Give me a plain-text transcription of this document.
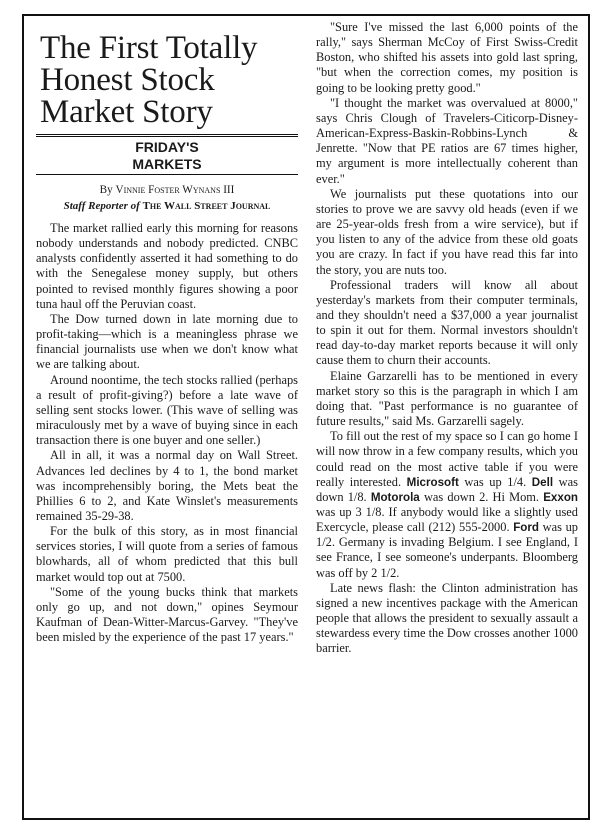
The First Totally Honest Stock Market Story
FRIDAY'S
MARKETS
By Vinnie Foster Wynans III
Staff Reporter of The Wall Street Journal

The market rallied early this morning for reasons nobody understands and nobody predicted. CNBC analysts confidently asserted it had something to do with the Senegalese money supply, but others pointed to revised monthly figures showing a poor tuna haul off the Peruvian coast.

The Dow turned down in late morning due to profit-taking—which is a meaningless phrase we financial journalists use when we don't know what we are talking about.

Around noontime, the tech stocks rallied (perhaps a result of profit-giving?) before a late wave of selling sent stocks lower. (This wave of selling was miraculously met by a wave of buying since in each transaction there is one buyer and one seller.)

All in all, it was a normal day on Wall Street. Advances led declines by 4 to 1, the bond market was incomprehensibly boring, the Mets beat the Phillies 6 to 2, and Kate Winslet's measurements remained 35-29-38.

For the bulk of this story, as in most financial services stories, I will quote from a series of famous blowhards, all of whom predicted that this bull market would top out at 7500.

"Some of the young bucks think that markets only go up, and not down," opines Seymour Kaufman of Dean-Witter-Marcus-Garvey. "They've been misled by the experience of the past 17 years."

"Sure I've missed the last 6,000 points of the rally," says Sherman McCoy of First Swiss-Credit Boston, who shifted his assets into gold last spring, "but when the correction comes, my position is going to be looking pretty good."

"I thought the market was overvalued at 8000," says Chris Clough of Travelers-Citicorp-Disney-American-Express-Baskin-Robbins-Lynch & Jenrette. "Now that PE ratios are 67 times higher, my argument is more intellectually coherent than ever."

We journalists put these quotations into our stories to prove we are savvy old heads (even if we are 25-year-olds fresh from a wire service), but if you listen to any of the advice from these old goats you are crazy. In fact if you have read this far into the story, you are nuts too.

Professional traders will know all about yesterday's markets from their computer terminals, and they shouldn't need a $37,000 a year journalist to spin it out for them. Normal investors shouldn't read day-to-day market reports because it will only cause them to churn their accounts.

Elaine Garzarelli has to be mentioned in every market story so this is the paragraph in which I am doing that. "Past performance is no guarantee of future results," said Ms. Garzarelli sagely.

To fill out the rest of my space so I can go home I will now throw in a few company results, which you could read on the most active table if you were really interested. Microsoft was up 1/4. Dell was down 1/8. Motorola was down 2. Hi Mom. Exxon was up 3 1/8. If anybody would like a slightly used Exercycle, please call (212) 555-2000. Ford was up 1/2. Germany is invading Belgium. I see England, I see France, I see someone's underpants. Bloomberg was off by 2 1/2.

Late news flash: the Clinton administration has signed a new incentives package with the American people that allows the president to sexually assault a stewardess every time the Dow crosses another 1000 barrier.
